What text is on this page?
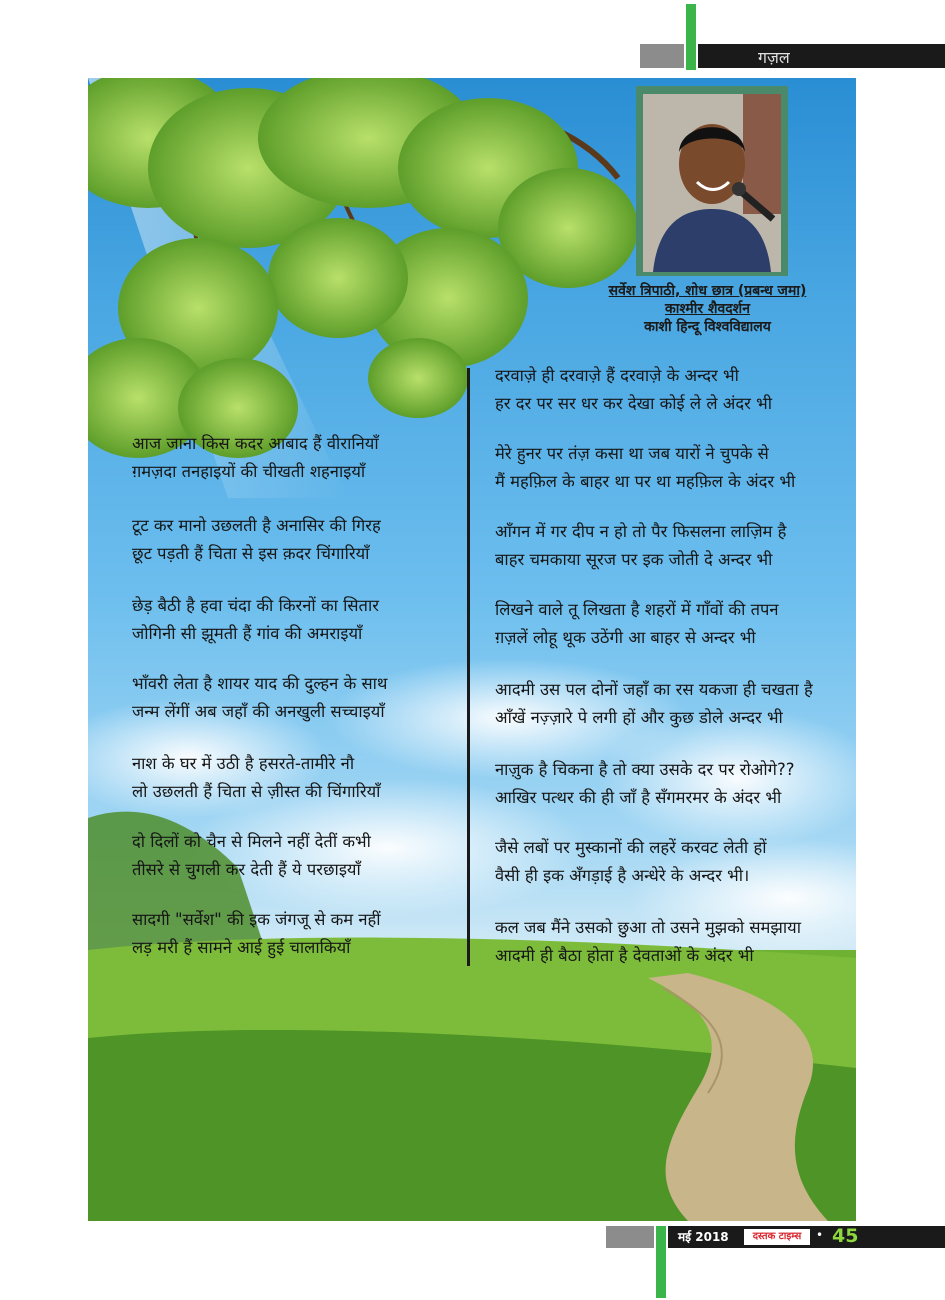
गज़ल
सर्वेश त्रिपाठी, शोध छात्र (प्रबन्ध जमा)
काश्मीर शैवदर्शन
काशी हिन्दू विश्वविद्यालय
आज जाना किस कदर आबाद हैं वीरानियाँ
ग़मज़दा तनहाइयों की चीखती शहनाइयाँ
टूट कर मानो उछलती है अनासिर की गिरह
छूट पड़ती हैं चिता से इस क़दर चिंगारियाँ
छेड़ बैठी है हवा चंदा की किरनों का सितार
जोगिनी सी झूमती हैं गांव की अमराइयाँ
भाँवरी लेता है शायर याद की दुल्हन के साथ
जन्म लेंगीं अब जहाँ की अनखुली सच्चाइयाँ
नाश के घर में उठी है हसरते-तामीरे नौ
लो उछलती हैं चिता से ज़ीस्त की चिंगारियाँ
दो दिलों को चैन से मिलने नहीं देतीं कभी
तीसरे से चुगली कर देती हैं ये परछाइयाँ
सादगी "सर्वेश" की इक जंगजू से कम नहीं
लड़ मरी हैं सामने आई हुई चालाकियाँ
दरवाज़े ही दरवाज़े हैं दरवाज़े के अन्दर भी
हर दर पर सर धर कर देखा कोई ले ले अंदर भी
मेरे हुनर पर तंज़ कसा था जब यारों ने चुपके से
मैं महफ़िल के बाहर था पर था महफ़िल के अंदर भी
आँगन में गर दीप न हो तो पैर फिसलना लाज़िम है
बाहर चमकाया सूरज पर इक जोती दे अन्दर भी
लिखने वाले तू लिखता है शहरों में गाँवों की तपन
ग़ज़लें लोहू थूक उठेंगी आ बाहर से अन्दर भी
आदमी उस पल दोनों जहाँ का रस यकजा ही चखता है
आँखें नज़्ज़ारे पे लगी हों और कुछ डोले अन्दर भी
नाज़ुक है चिकना है तो क्या उसके दर पर रोओगे??
आखिर पत्थर की ही जाँ है सँगमरमर के अंदर भी
जैसे लबों पर मुस्कानों की लहरें करवट लेती हों
वैसी ही इक अँगड़ाई है अन्धेरे के अन्दर भी।
कल जब मैंने उसको छुआ तो उसने मुझको समझाया
आदमी ही बैठा होता है देवताओं के अंदर भी
मई 2018	दस्तक टाइम्स	• 45
